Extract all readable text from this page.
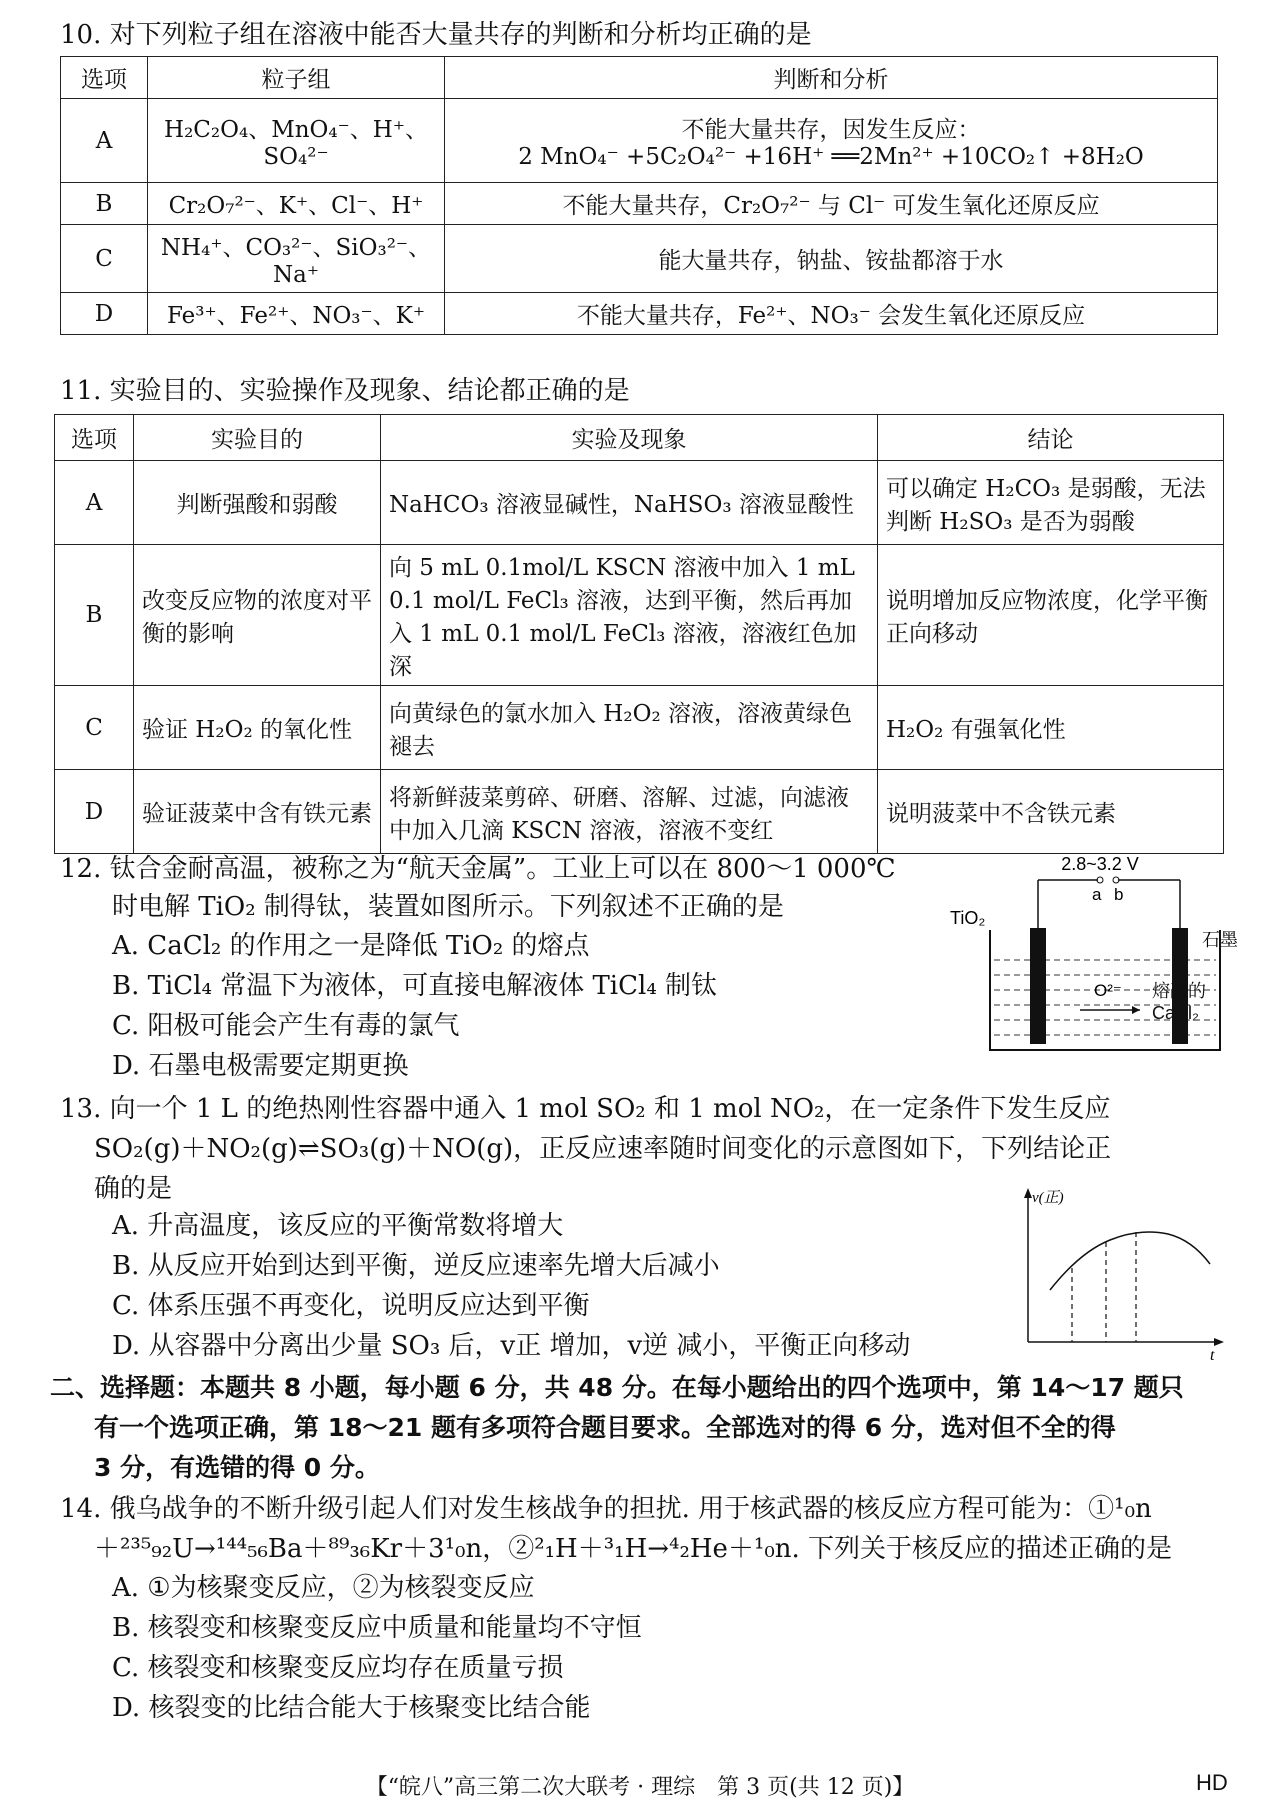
10. 对下列粒子组在溶液中能否大量共存的判断和分析均正确的是
选项	粒子组	判断和分析
A	H₂C₂O₄、MnO₄⁻、H⁺、SO₄²⁻	不能大量共存，因发生反应：
2 MnO₄⁻ +5C₂O₄²⁻ +16H⁺ ══2Mn²⁺ +10CO₂↑ +8H₂O

B	Cr₂O₇²⁻、K⁺、Cl⁻、H⁺	不能大量共存，Cr₂O₇²⁻ 与 Cl⁻ 可发生氧化还原反应
C	NH₄⁺、CO₃²⁻、SiO₃²⁻、Na⁺	能大量共存，钠盐、铵盐都溶于水
D	Fe³⁺、Fe²⁺、NO₃⁻、K⁺	不能大量共存，Fe²⁺、NO₃⁻ 会发生氧化还原反应
11. 实验目的、实验操作及现象、结论都正确的是
选项	实验目的	实验及现象	结论
A	判断强酸和弱酸	NaHCO₃ 溶液显碱性，NaHSO₃ 溶液显酸性	可以确定 H₂CO₃ 是弱酸，无法判断 H₂SO₃ 是否为弱酸
B	改变反应物的浓度对平衡的影响	向 5 mL 0.1mol/L KSCN 溶液中加入 1 mL 0.1 mol/L FeCl₃ 溶液，达到平衡，然后再加入 1 mL 0.1 mol/L FeCl₃ 溶液，溶液红色加深	说明增加反应物浓度，化学平衡正向移动
C	验证 H₂O₂ 的氧化性	向黄绿色的氯水加入 H₂O₂ 溶液，溶液黄绿色褪去	H₂O₂ 有强氧化性
D	验证菠菜中含有铁元素	将新鲜菠菜剪碎、研磨、溶解、过滤，向滤液中加入几滴 KSCN 溶液，溶液不变红	说明菠菜中不含铁元素
12. 钛合金耐高温，被称之为“航天金属”。工业上可以在 800～1 000℃
时电解 TiO₂ 制得钛，装置如图所示。下列叙述不正确的是
A. CaCl₂ 的作用之一是降低 TiO₂ 的熔点
B. TiCl₄ 常温下为液体，可直接电解液体 TiCl₄ 制钛
C. 阳极可能会产生有毒的氯气
D. 石墨电极需要定期更换
2.8~3.2 V
a b
TiO₂
石墨
O²⁻ 熔融的
CaCl₂
13. 向一个 1 L 的绝热刚性容器中通入 1 mol SO₂ 和 1 mol NO₂，在一定条件下发生反应
SO₂(g)＋NO₂(g)⇌SO₃(g)＋NO(g)，正反应速率随时间变化的示意图如下，下列结论正
确的是
A. 升高温度，该反应的平衡常数将增大
B. 从反应开始到达到平衡，逆反应速率先增大后减小
C. 体系压强不再变化，说明反应达到平衡
D. 从容器中分离出少量 SO₃ 后，v正 增加，v逆 减小，平衡正向移动
v(正)
t
二、选择题：本题共 8 小题，每小题 6 分，共 48 分。在每小题给出的四个选项中，第 14～17 题只
有一个选项正确，第 18～21 题有多项符合题目要求。全部选对的得 6 分，选对但不全的得
3 分，有选错的得 0 分。
14. 俄乌战争的不断升级引起人们对发生核战争的担扰. 用于核武器的核反应方程可能为：①¹₀n
＋²³⁵₉₂U→¹⁴⁴₅₆Ba＋⁸⁹₃₆Kr＋3¹₀n，②²₁H＋³₁H→⁴₂He＋¹₀n. 下列关于核反应的描述正确的是
A. ①为核聚变反应，②为核裂变反应
B. 核裂变和核聚变反应中质量和能量均不守恒
C. 核裂变和核聚变反应均存在质量亏损
D. 核裂变的比结合能大于核聚变比结合能
【“皖八”高三第二次大联考 · 理综　第 3 页(共 12 页)】	HD
